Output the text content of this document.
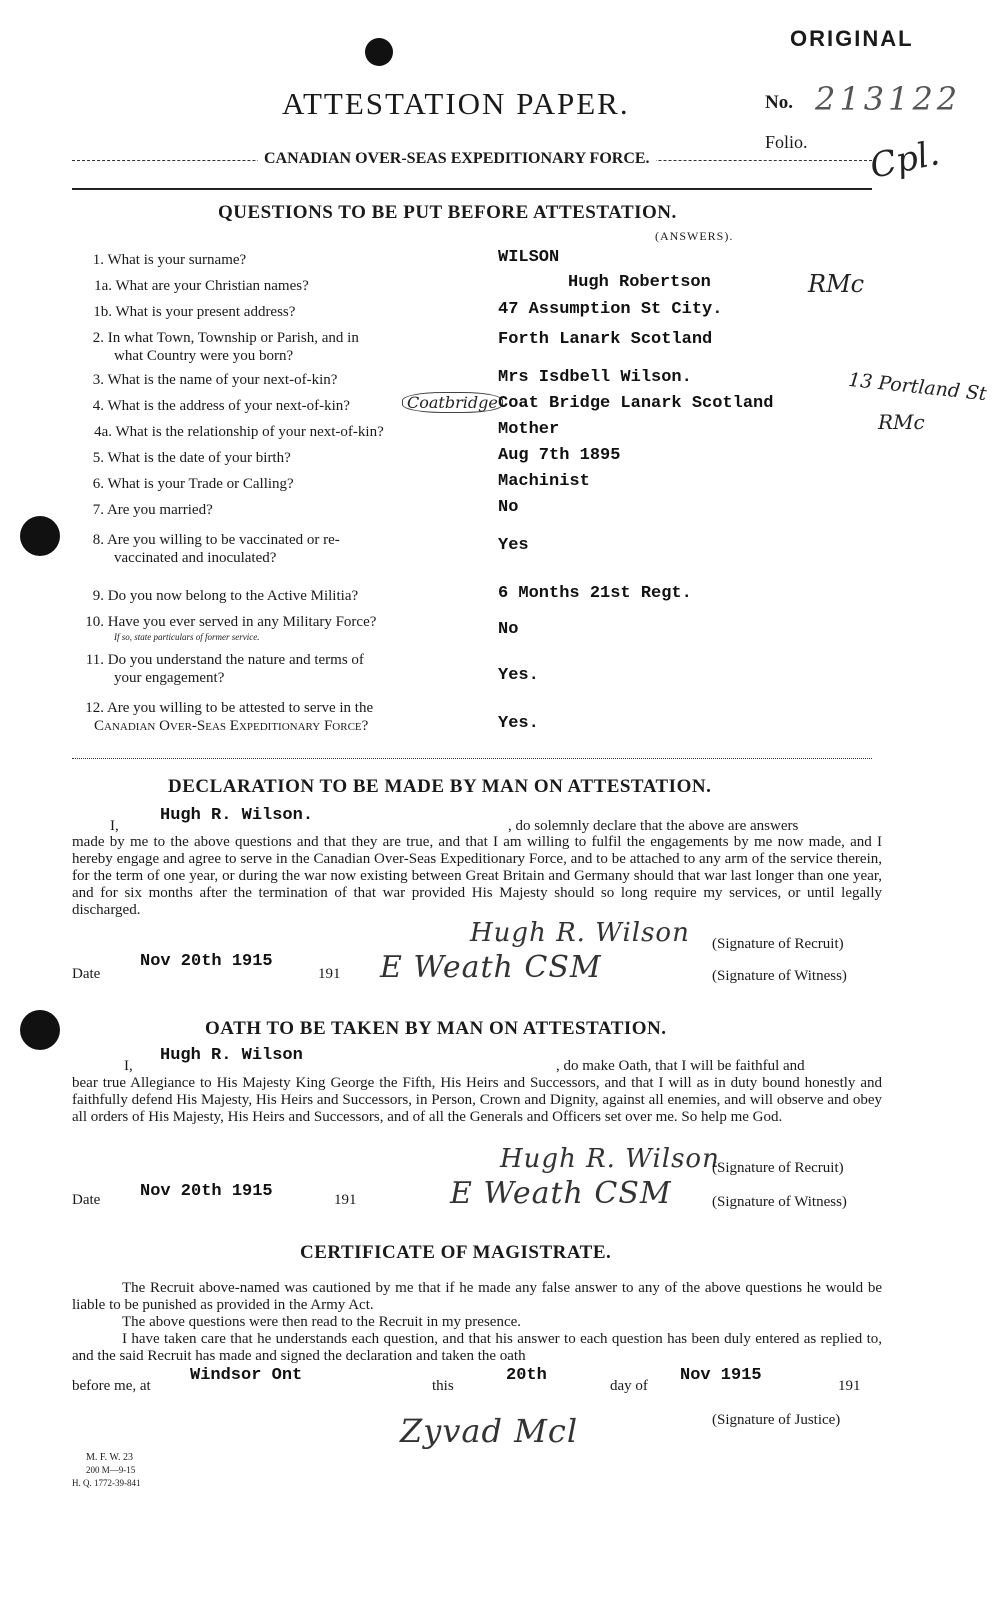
ORIGINAL
ATTESTATION PAPER.	No. 213122
Folio. Cpl.
CANADIAN OVER-SEAS EXPEDITIONARY FORCE.
QUESTIONS TO BE PUT BEFORE ATTESTATION.
(ANSWERS).
1. What is your surname?	WILSON
1a. What are your Christian names?	Hugh Robertson	RMc
1b. What is your present address?	47 Assumption St City.
2. In what Town, Township or Parish, and in
what Country were you born?
Forth Lanark Scotland
3. What is the name of your next-of-kin?	Mrs Isdbell Wilson.
4. What is the address of your next-of-kin?	Coatbridge Coat Bridge Lanark Scotland	13 Portland St
RMc
4a. What is the relationship of your next-of-kin?	Mother
5. What is the date of your birth?	Aug 7th 1895
6. What is your Trade or Calling?	Machinist
7. Are you married?	No
8. Are you willing to be vaccinated or re-
vaccinated and inoculated?
Yes
9. Do you now belong to the Active Militia?	6 Months 21st Regt.
10. Have you ever served in any Military Force?
If so, state particulars of former service.	No
11. Do you understand the nature and terms of
your engagement?	Yes.
12. Are you willing to be attested to serve in the
Canadian Over-Seas Expeditionary Force?	Yes.
DECLARATION TO BE MADE BY MAN ON ATTESTATION.
I,
Hugh R. Wilson.
, do solemnly declare that the above are answers
made by me to the above questions and that they are true, and that I am willing to fulfil the engagements by me now made, and I hereby engage and agree to serve in the Canadian Over-Seas Expeditionary Force, and to be attached to any arm of the service therein, for the term of one year, or during the war now existing between Great Britain and Germany should that war last longer than one year, and for six months after the termination of that war provided His Majesty should so long require my services, or until legally discharged.
Date
Nov 20th 1915
191
Hugh R. Wilson (Signature of Recruit)
E Weath CSM	(Signature of Witness)
OATH TO BE TAKEN BY MAN ON ATTESTATION.
I,
Hugh R. Wilson
, do make Oath, that I will be faithful and
bear true Allegiance to His Majesty King George the Fifth, His Heirs and Successors, and that I will as in duty bound honestly and faithfully defend His Majesty, His Heirs and Successors, in Person, Crown and Dignity, against all enemies, and will observe and obey all orders of His Majesty, His Heirs and Successors, and of all the Generals and Officers set over me. So help me God.
Date Nov 20th 1915	191
Hugh R. Wilson
(Signature of Recruit)
E Weath CSM	(Signature of Witness)
CERTIFICATE OF MAGISTRATE.
The Recruit above-named was cautioned by me that if he made any false answer to any of the above questions he would be liable to be punished as provided in the Army Act.
The above questions were then read to the Recruit in my presence.
I have taken care that he understands each question, and that his answer to each question has been duly entered as replied to, and the said Recruit has made and signed the declaration and taken the oath
before me, at
Windsor Ont
this
20th
day of
Nov 1915
191
Zyvad Mcl	(Signature of Justice)
M. F. W. 23
200 M—9-15
H. Q. 1772-39-841
